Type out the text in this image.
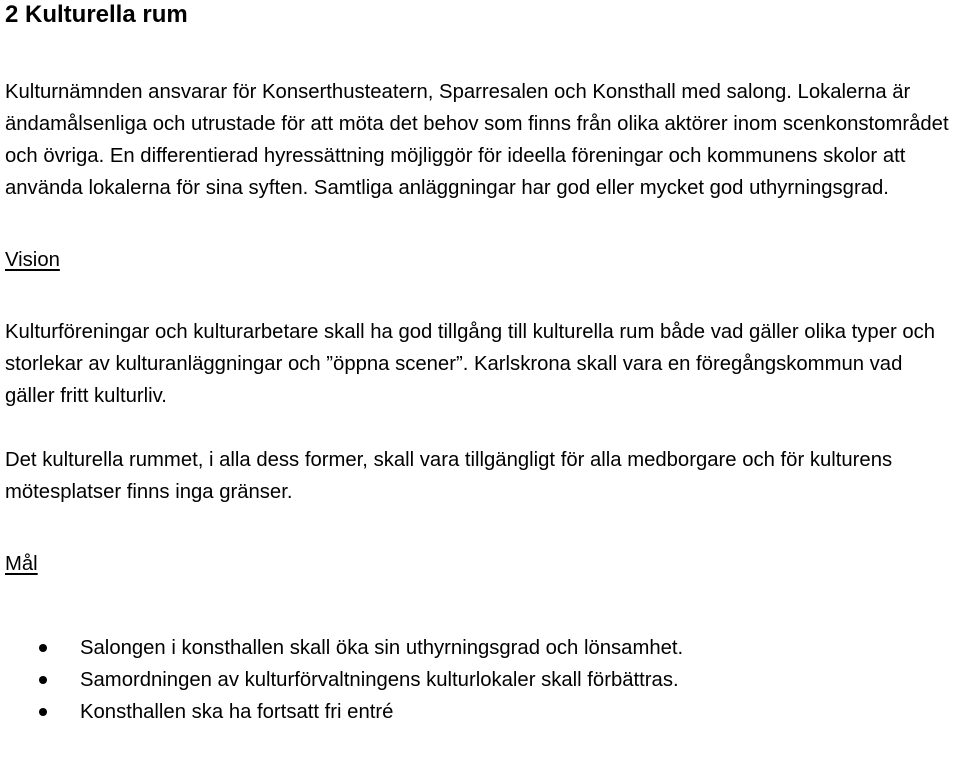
2 Kulturella rum

Kulturnämnden ansvarar för Konserthusteatern, Sparresalen och Konsthall med salong. Lokalerna är ändamålsenliga och utrustade för att möta det behov som finns från olika aktörer inom scenkonstområdet och övriga. En differentierad hyressättning möjliggör för ideella föreningar och kommunens skolor att använda lokalerna för sina syften. Samtliga anläggningar har god eller mycket god uthyrningsgrad.

Vision

Kulturföreningar och kulturarbetare skall ha god tillgång till kulturella rum både vad gäller olika typer och storlekar av kulturanläggningar och ”öppna scener”. Karlskrona skall vara en föregångskommun vad gäller fritt kulturliv.

Det kulturella rummet, i alla dess former, skall vara tillgängligt för alla medborgare och för kulturens mötesplatser finns inga gränser.

Mål

Salongen i konsthallen skall öka sin uthyrningsgrad och lönsamhet.
Samordningen av kulturförvaltningens kulturlokaler skall förbättras.
Konsthallen ska ha fortsatt fri entré
